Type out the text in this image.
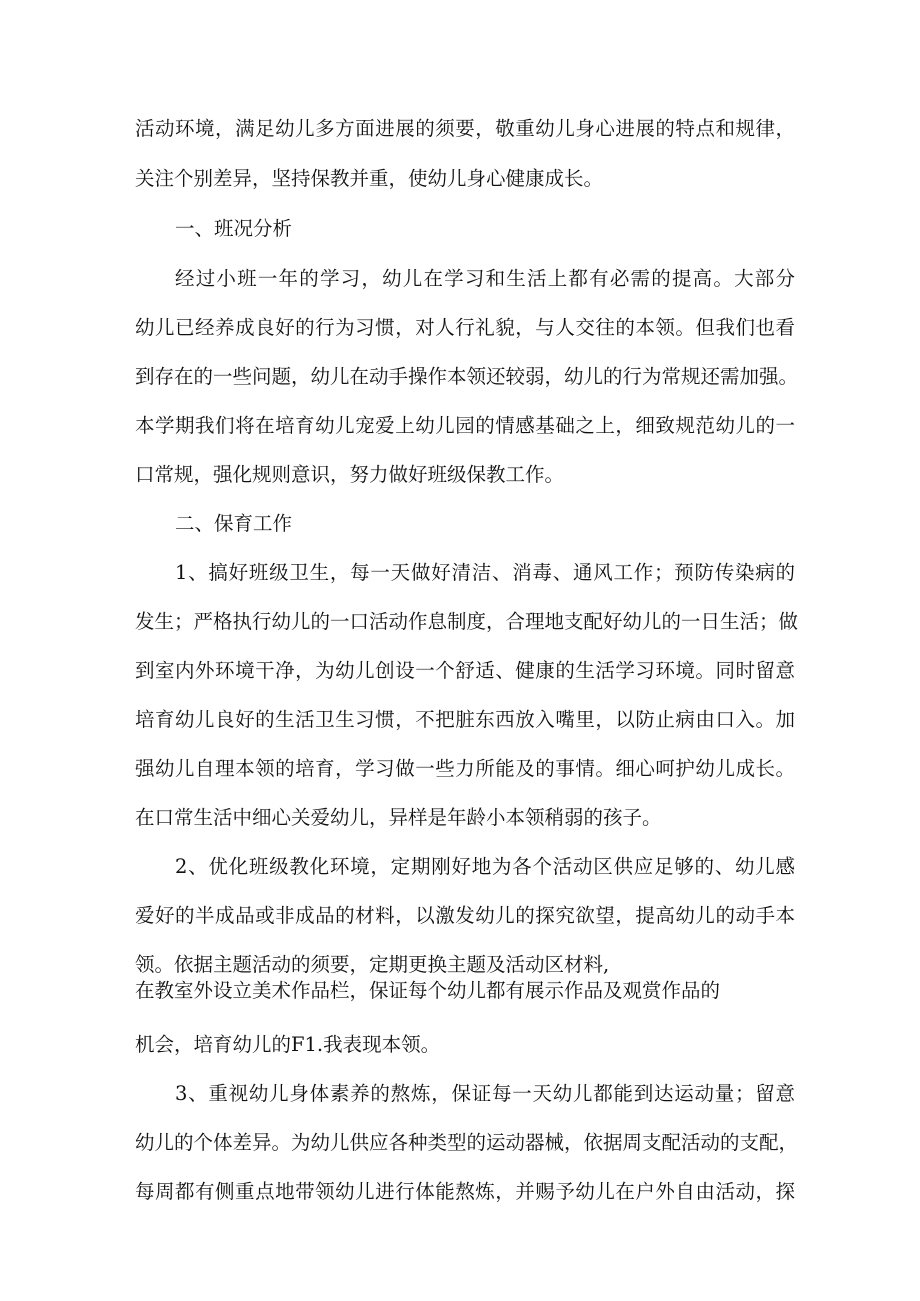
活动环境，满足幼儿多方面进展的须要，敬重幼儿身心进展的特点和规律，
关注个别差异，坚持保教并重，使幼儿身心健康成长。
一、班况分析
经过小班一年的学习，幼儿在学习和生活上都有必需的提高。大部分
幼儿已经养成良好的行为习惯，对人行礼貌，与人交往的本领。但我们也看
到存在的一些问题，幼儿在动手操作本领还较弱，幼儿的行为常规还需加强。
本学期我们将在培育幼儿宠爱上幼儿园的情感基础之上，细致规范幼儿的一
口常规，强化规则意识，努力做好班级保教工作。
二、保育工作
1、搞好班级卫生，每一天做好清洁、消毒、通风工作；预防传染病的
发生；严格执行幼儿的一口活动作息制度，合理地支配好幼儿的一日生活；做
到室内外环境干净，为幼儿创设一个舒适、健康的生活学习环境。同时留意
培育幼儿良好的生活卫生习惯，不把脏东西放入嘴里，以防止病由口入。加
强幼儿自理本领的培育，学习做一些力所能及的事情。细心呵护幼儿成长。
在口常生活中细心关爱幼儿，异样是年龄小本领稍弱的孩子。
2、优化班级教化环境，定期刚好地为各个活动区供应足够的、幼儿感
爱好的半成品或非成品的材料，以激发幼儿的探究欲望，提高幼儿的动手本
领。依据主题活动的须要，定期更换主题及活动区材料,
在教室外设立美术作品栏，保证每个幼儿都有展示作品及观赏作品的
机会，培育幼儿的F1.我表现本领。
3、重视幼儿身体素养的熬炼，保证每一天幼儿都能到达运动量；留意
幼儿的个体差异。为幼儿供应各种类型的运动器械，依据周支配活动的支配，
每周都有侧重点地带领幼儿进行体能熬炼，并赐予幼儿在户外自由活动，探
